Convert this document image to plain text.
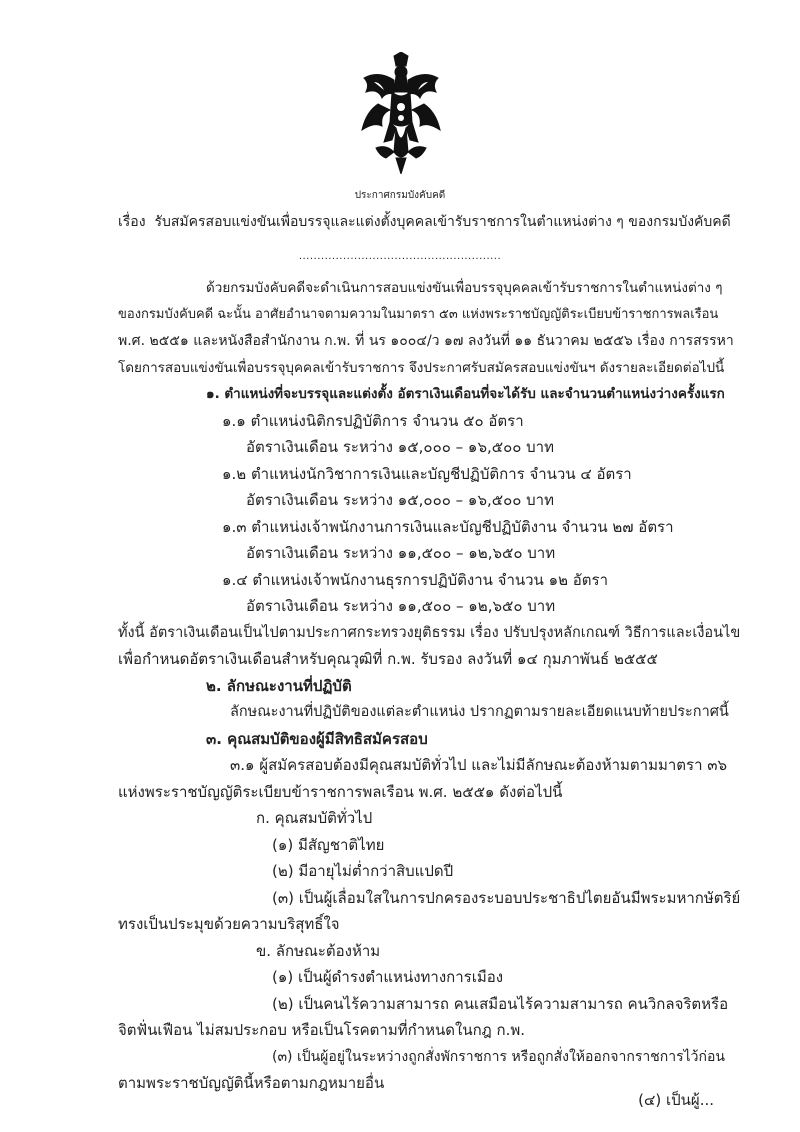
ประกาศกรมบังคับคดี
เรื่อง รับสมัครสอบแข่งขันเพื่อบรรจุและแต่งตั้งบุคคลเข้ารับราชการในตำแหน่งต่าง ๆ ของกรมบังคับคดี
.......................................................
ด้วยกรมบังคับคดีจะดำเนินการสอบแข่งขันเพื่อบรรจุบุคคลเข้ารับราชการในตำแหน่งต่าง ๆ
ของกรมบังคับคดี ฉะนั้น อาศัยอำนาจตามความในมาตรา ๕๓ แห่งพระราชบัญญัติระเบียบข้าราชการพลเรือน
พ.ศ. ๒๕๕๑ และหนังสือสำนักงาน ก.พ. ที่ นร ๑๐๐๔/ว ๑๗ ลงวันที่ ๑๑ ธันวาคม ๒๕๕๖ เรื่อง การสรรหา
โดยการสอบแข่งขันเพื่อบรรจุบุคคลเข้ารับราชการ จึงประกาศรับสมัครสอบแข่งขันฯ ดังรายละเอียดต่อไปนี้
๑. ตำแหน่งที่จะบรรจุและแต่งตั้ง อัตราเงินเดือนที่จะได้รับ และจำนวนตำแหน่งว่างครั้งแรก
๑.๑ ตำแหน่งนิติกรปฏิบัติการ จำนวน ๕๐ อัตรา
อัตราเงินเดือน ระหว่าง ๑๕,๐๐๐ – ๑๖,๕๐๐ บาท
๑.๒ ตำแหน่งนักวิชาการเงินและบัญชีปฏิบัติการ จำนวน ๔ อัตรา
อัตราเงินเดือน ระหว่าง ๑๕,๐๐๐ – ๑๖,๕๐๐ บาท
๑.๓ ตำแหน่งเจ้าพนักงานการเงินและบัญชีปฏิบัติงาน จำนวน ๒๗ อัตรา
อัตราเงินเดือน ระหว่าง ๑๑,๕๐๐ – ๑๒,๖๕๐ บาท
๑.๔ ตำแหน่งเจ้าพนักงานธุรการปฏิบัติงาน จำนวน ๑๒ อัตรา
อัตราเงินเดือน ระหว่าง ๑๑,๕๐๐ – ๑๒,๖๕๐ บาท
ทั้งนี้ อัตราเงินเดือนเป็นไปตามประกาศกระทรวงยุติธรรม เรื่อง ปรับปรุงหลักเกณฑ์ วิธีการและเงื่อนไข
เพื่อกำหนดอัตราเงินเดือนสำหรับคุณวุฒิที่ ก.พ. รับรอง ลงวันที่ ๑๔ กุมภาพันธ์ ๒๕๕๕
๒. ลักษณะงานที่ปฏิบัติ
ลักษณะงานที่ปฏิบัติของแต่ละตำแหน่ง ปรากฏตามรายละเอียดแนบท้ายประกาศนี้
๓. คุณสมบัติของผู้มีสิทธิสมัครสอบ
๓.๑ ผู้สมัครสอบต้องมีคุณสมบัติทั่วไป และไม่มีลักษณะต้องห้ามตามมาตรา ๓๖
แห่งพระราชบัญญัติระเบียบข้าราชการพลเรือน พ.ศ. ๒๕๕๑ ดังต่อไปนี้
ก. คุณสมบัติทั่วไป
(๑) มีสัญชาติไทย
(๒) มีอายุไม่ต่ำกว่าสิบแปดปี
(๓) เป็นผู้เลื่อมใสในการปกครองระบอบประชาธิปไตยอันมีพระมหากษัตริย์
ทรงเป็นประมุขด้วยความบริสุทธิ์ใจ
ข. ลักษณะต้องห้าม
(๑) เป็นผู้ดำรงตำแหน่งทางการเมือง
(๒) เป็นคนไร้ความสามารถ คนเสมือนไร้ความสามารถ คนวิกลจริตหรือ
จิตฟั่นเฟือน ไม่สมประกอบ หรือเป็นโรคตามที่กำหนดในกฎ ก.พ.
(๔) เป็นผู้...
(๓) เป็นผู้อยู่ในระหว่างถูกสั่งพักราชการ หรือถูกสั่งให้ออกจากราชการไว้ก่อน
ตามพระราชบัญญัตินี้หรือตามกฎหมายอื่น
